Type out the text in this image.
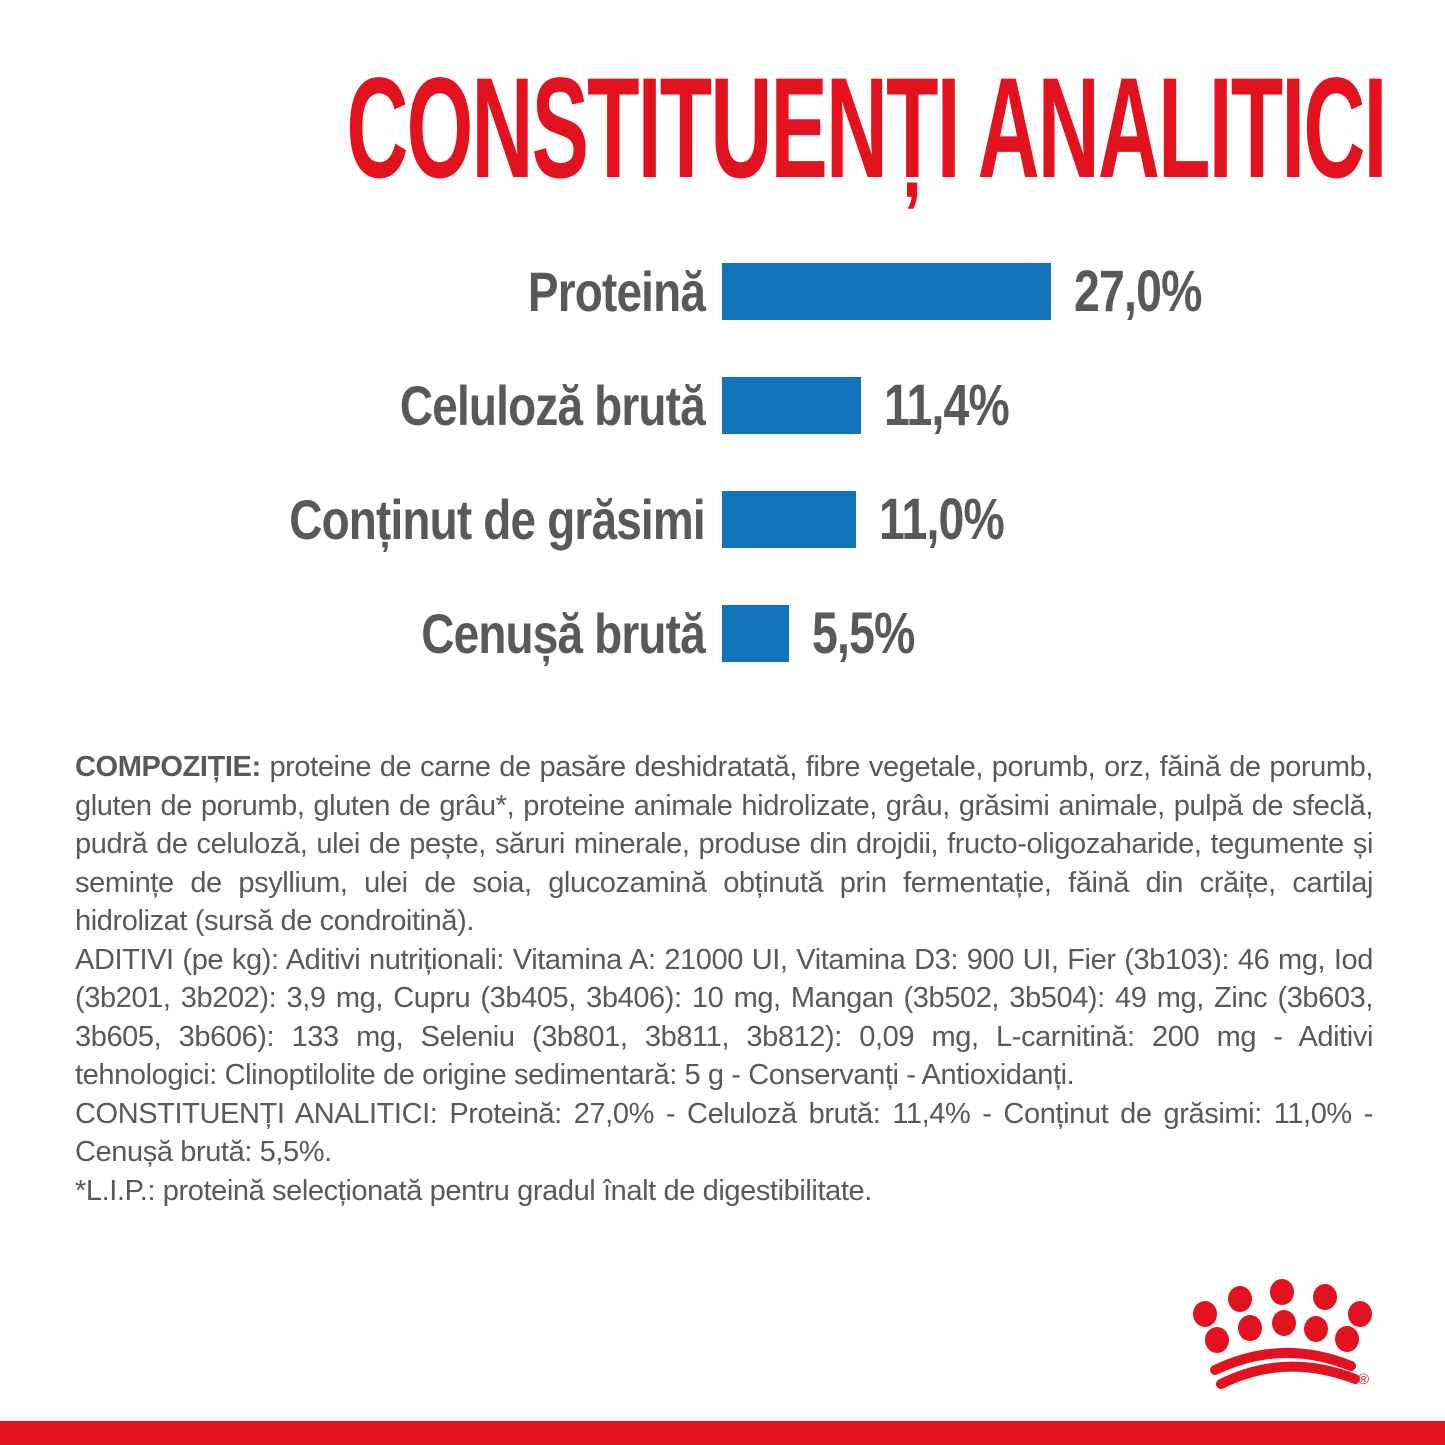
CONSTITUENȚI ANALITICI
Proteină	27,0%
Celuloză brută	11,4%
Conținut de grăsimi	11,0%
Cenușă brută 5,5%

COMPOZIȚIE: proteine de carne de pasăre deshidratată, fibre vegetale, porumb, orz, făină de porumb, gluten de porumb, gluten de grâu*, proteine animale hidrolizate, grâu, grăsimi animale, pulpă de sfeclă, pudră de celuloză, ulei de pește, săruri minerale, produse din drojdii, fructo-oligozaharide, tegumente și semințe de psyllium, ulei de soia, glucozamină obținută prin fermentație, făină din crăițe, cartilaj hidrolizat (sursă de condroitină).

ADITIVI (pe kg): Aditivi nutriționali: Vitamina A: 21000 UI, Vitamina D3: 900 UI, Fier (3b103): 46 mg, Iod (3b201, 3b202): 3,9 mg, Cupru (3b405, 3b406): 10 mg, Mangan (3b502, 3b504): 49 mg, Zinc (3b603, 3b605, 3b606): 133 mg, Seleniu (3b801, 3b811, 3b812): 0,09 mg, L-carnitină: 200 mg - Aditivi tehnologici: Clinoptilolite de origine sedimentară: 5 g - Conservanți - Antioxidanți.

CONSTITUENȚI ANALITICI: Proteină: 27,0% - Celuloză brută: 11,4% - Conținut de grăsimi: 11,0% - Cenușă brută: 5,5%.

*L.I.P.: proteină selecționată pentru gradul înalt de digestibilitate.

®
